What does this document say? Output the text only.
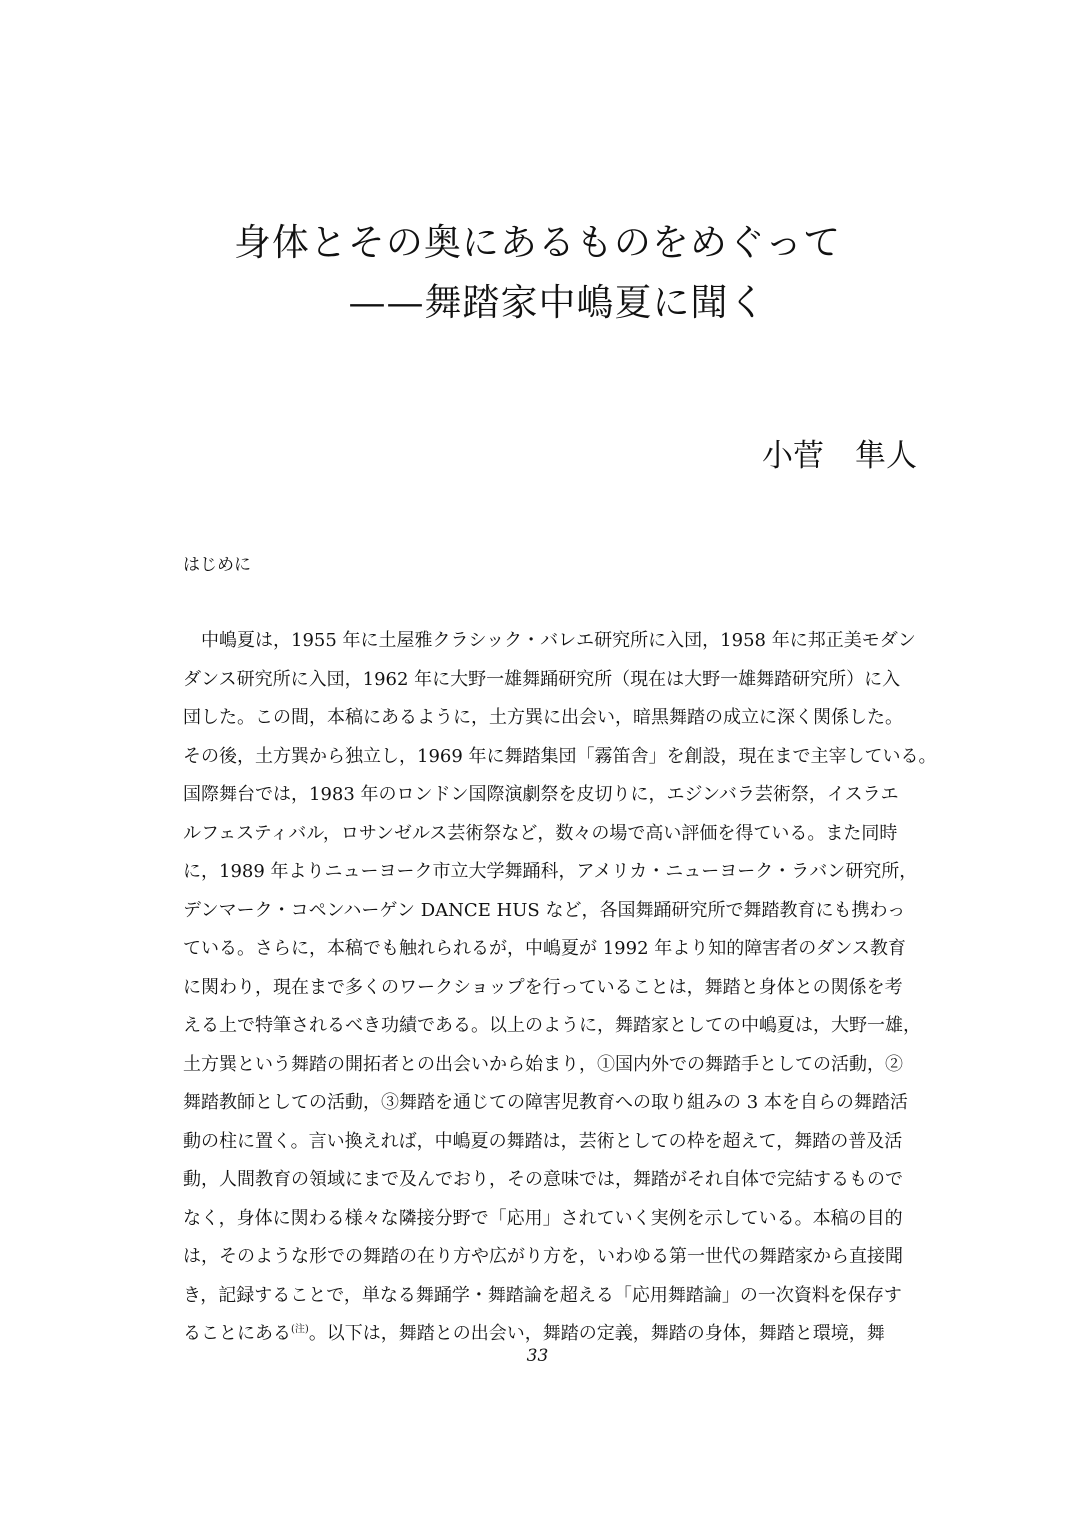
身体とその奥にあるものをめぐって
——舞踏家中嶋夏に聞く
小菅　隼人
はじめに
　中嶋夏は，1955 年に土屋雅クラシック・バレエ研究所に入団，1958 年に邦正美モダン
ダンス研究所に入団，1962 年に大野一雄舞踊研究所（現在は大野一雄舞踏研究所）に入
団した。この間，本稿にあるように，土方巽に出会い，暗黒舞踏の成立に深く関係した。
その後，土方巽から独立し，1969 年に舞踏集団「霧笛舎」を創設，現在まで主宰している。
国際舞台では，1983 年のロンドン国際演劇祭を皮切りに，エジンバラ芸術祭，イスラエ
ルフェスティバル，ロサンゼルス芸術祭など，数々の場で高い評価を得ている。また同時
に，1989 年よりニューヨーク市立大学舞踊科，アメリカ・ニューヨーク・ラバン研究所，
デンマーク・コペンハーゲン DANCE HUS など，各国舞踊研究所で舞踏教育にも携わっ
ている。さらに，本稿でも触れられるが，中嶋夏が 1992 年より知的障害者のダンス教育
に関わり，現在まで多くのワークショップを行っていることは，舞踏と身体との関係を考
える上で特筆されるべき功績である。以上のように，舞踏家としての中嶋夏は，大野一雄，
土方巽という舞踏の開拓者との出会いから始まり，①国内外での舞踏手としての活動，②
舞踏教師としての活動，③舞踏を通じての障害児教育への取り組みの 3 本を自らの舞踏活
動の柱に置く。言い換えれば，中嶋夏の舞踏は，芸術としての枠を超えて，舞踏の普及活
動，人間教育の領域にまで及んでおり，その意味では，舞踏がそれ自体で完結するもので
なく，身体に関わる様々な隣接分野で「応用」されていく実例を示している。本稿の目的
は，そのような形での舞踏の在り方や広がり方を，いわゆる第一世代の舞踏家から直接聞
き，記録することで，単なる舞踊学・舞踏論を超える「応用舞踏論」の一次資料を保存す
ることにある$^{(注)}$。以下は，舞踏との出会い，舞踏の定義，舞踏の身体，舞踏と環境，舞
33
